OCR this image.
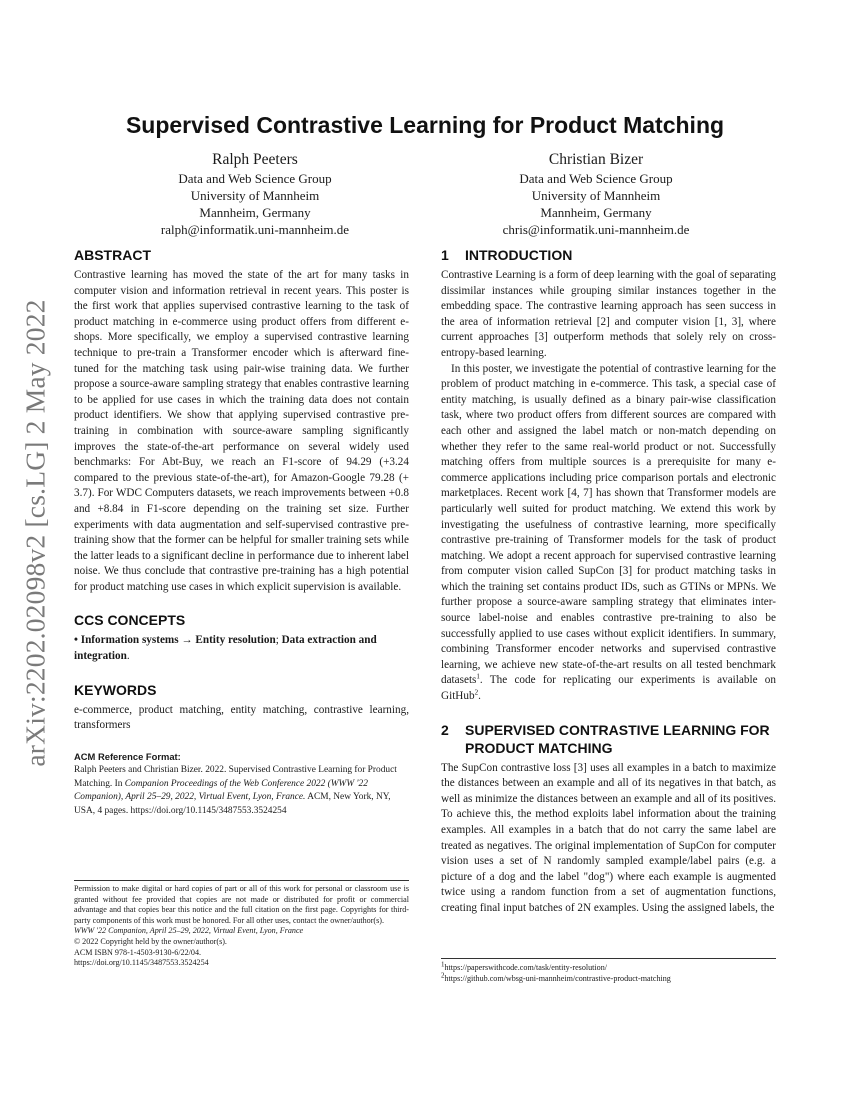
arXiv:2202.02098v2 [cs.LG] 2 May 2022
Supervised Contrastive Learning for Product Matching
Ralph Peeters
Data and Web Science Group
University of Mannheim
Mannheim, Germany
ralph@informatik.uni-mannheim.de
Christian Bizer
Data and Web Science Group
University of Mannheim
Mannheim, Germany
chris@informatik.uni-mannheim.de
ABSTRACT

Contrastive learning has moved the state of the art for many tasks in computer vision and information retrieval in recent years. This poster is the first work that applies supervised contrastive learning to the task of product matching in e-commerce using product offers from different e-shops. More specifically, we employ a supervised contrastive learning technique to pre-train a Transformer encoder which is afterward fine-tuned for the matching task using pair-wise training data. We further propose a source-aware sampling strategy that enables contrastive learning to be applied for use cases in which the training data does not contain product identifiers. We show that applying supervised contrastive pre-training in combination with source-aware sampling significantly improves the state-of-the-art performance on several widely used benchmarks: For Abt-Buy, we reach an F1-score of 94.29 (+3.24 compared to the previous state-of-the-art), for Amazon-Google 79.28 (+ 3.7). For WDC Computers datasets, we reach improvements between +0.8 and +8.84 in F1-score depending on the training set size. Further experiments with data augmentation and self-supervised contrastive pre-training show that the former can be helpful for smaller training sets while the latter leads to a significant decline in performance due to inherent label noise. We thus conclude that contrastive pre-training has a high potential for product matching use cases in which explicit supervision is available.

CCS CONCEPTS

• Information systems → Entity resolution; Data extraction and integration.

KEYWORDS

e-commerce, product matching, entity matching, contrastive learning, transformers

ACM Reference Format:
Ralph Peeters and Christian Bizer. 2022. Supervised Contrastive Learning for Product Matching. In Companion Proceedings of the Web Conference 2022 (WWW '22 Companion), April 25–29, 2022, Virtual Event, Lyon, France. ACM, New York, NY, USA, 4 pages. https://doi.org/10.1145/3487553.3524254
Permission to make digital or hard copies of part or all of this work for personal or classroom use is granted without fee provided that copies are not made or distributed for profit or commercial advantage and that copies bear this notice and the full citation on the first page. Copyrights for third-party components of this work must be honored. For all other uses, contact the owner/author(s).
WWW '22 Companion, April 25–29, 2022, Virtual Event, Lyon, France
© 2022 Copyright held by the owner/author(s).
ACM ISBN 978-1-4503-9130-6/22/04.
https://doi.org/10.1145/3487553.3524254
1 INTRODUCTION

Contrastive Learning is a form of deep learning with the goal of separating dissimilar instances while grouping similar instances together in the embedding space. The contrastive learning approach has seen success in the area of information retrieval [2] and computer vision [1, 3], where current approaches [3] outperform methods that solely rely on cross-entropy-based learning.

In this poster, we investigate the potential of contrastive learning for the problem of product matching in e-commerce. This task, a special case of entity matching, is usually defined as a binary pair-wise classification task, where two product offers from different sources are compared with each other and assigned the label match or non-match depending on whether they refer to the same real-world product or not. Successfully matching offers from multiple sources is a prerequisite for many e-commerce applications including price comparison portals and electronic marketplaces. Recent work [4, 7] has shown that Transformer models are particularly well suited for product matching. We extend this work by investigating the usefulness of contrastive learning, more specifically contrastive pre-training of Transformer models for the task of product matching. We adopt a recent approach for supervised contrastive learning from computer vision called SupCon [3] for product matching tasks in which the training set contains product IDs, such as GTINs or MPNs. We further propose a source-aware sampling strategy that eliminates inter-source label-noise and enables contrastive pre-training to also be successfully applied to use cases without explicit identifiers. In summary, combining Transformer encoder networks and supervised contrastive learning, we achieve new state-of-the-art results on all tested benchmark datasets$^1$. The code for replicating our experiments is available on GitHub$^2$.

2	SUPERVISED CONTRASTIVE LEARNING FOR PRODUCT MATCHING

The SupCon contrastive loss [3] uses all examples in a batch to maximize the distances between an example and all of its negatives in that batch, as well as minimize the distances between an example and all of its positives. To achieve this, the method exploits label information about the training examples. All examples in a batch that do not carry the same label are treated as negatives. The original implementation of SupCon for computer vision uses a set of N randomly sampled example/label pairs (e.g. a picture of a dog and the label "dog") where each example is augmented twice using a random function from a set of augmentation functions, creating final input batches of 2N examples. Using the assigned labels, the

$^1$https://paperswithcode.com/task/entity-resolution/
$^2$https://github.com/wbsg-uni-mannheim/contrastive-product-matching
